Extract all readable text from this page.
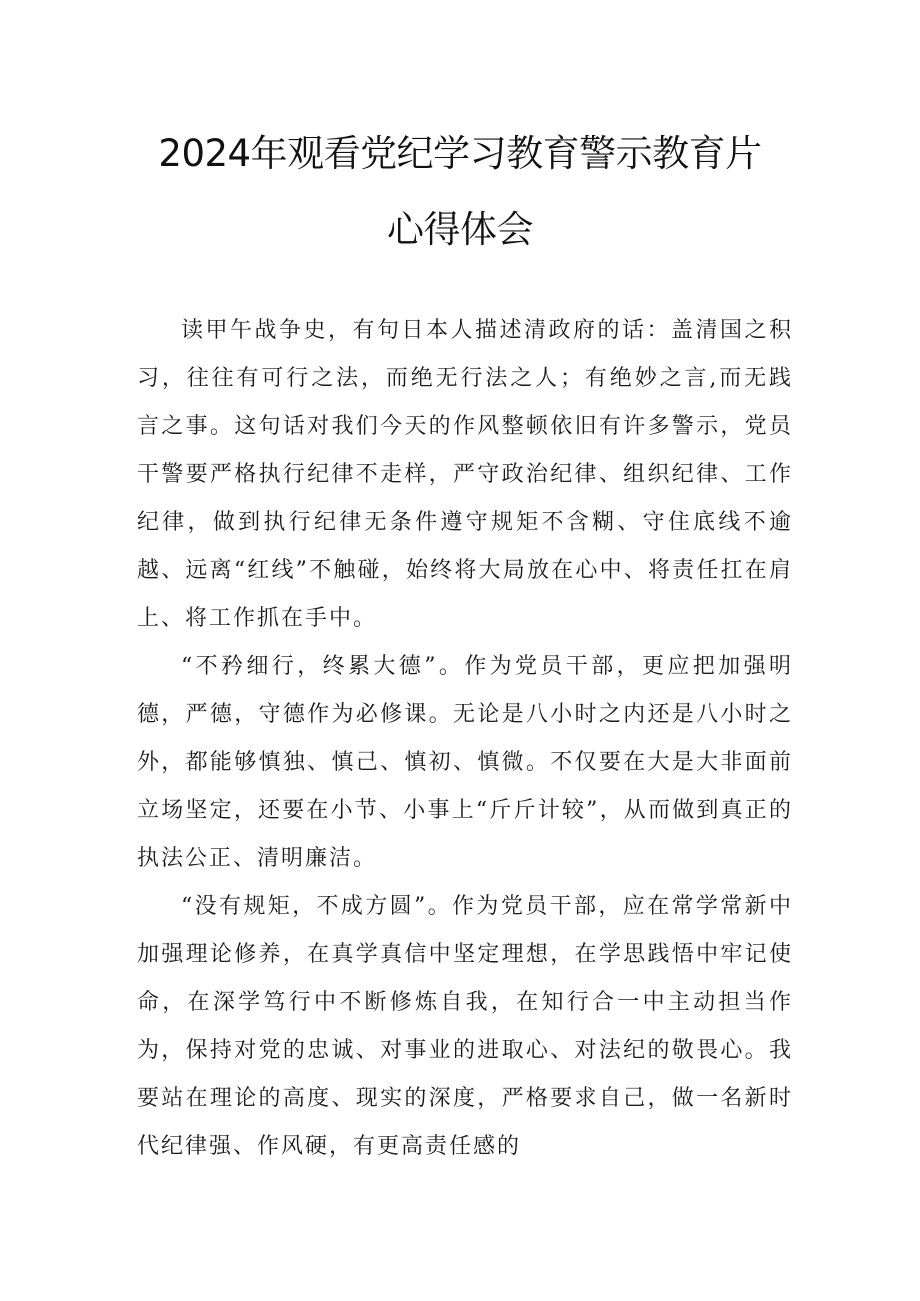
2024年观看党纪学习教育警示教育片
心得体会

读甲午战争史，有句日本人描述清政府的话：盖清国之积习，往往有可行之法，而绝无行法之人；有绝妙之言,而无践言之事。这句话对我们今天的作风整顿依旧有许多警示，党员干警要严格执行纪律不走样，严守政治纪律、组织纪律、工作纪律，做到执行纪律无条件遵守规矩不含糊、守住底线不逾越、远离“红线”不触碰，始终将大局放在心中、将责任扛在肩上、将工作抓在手中。

“不矜细行，终累大德”。作为党员干部，更应把加强明德，严德，守德作为必修课。无论是八小时之内还是八小时之外，都能够慎独、慎己、慎初、慎微。不仅要在大是大非面前立场坚定，还要在小节、小事上“斤斤计较”，从而做到真正的执法公正、清明廉洁。

“没有规矩，不成方圆”。作为党员干部，应在常学常新中加强理论修养，在真学真信中坚定理想，在学思践悟中牢记使命，在深学笃行中不断修炼自我，在知行合一中主动担当作为，保持对党的忠诚、对事业的进取心、对法纪的敬畏心。我要站在理论的高度、现实的深度，严格要求自己，做一名新时代纪律强、作风硬，有更高责任感的
